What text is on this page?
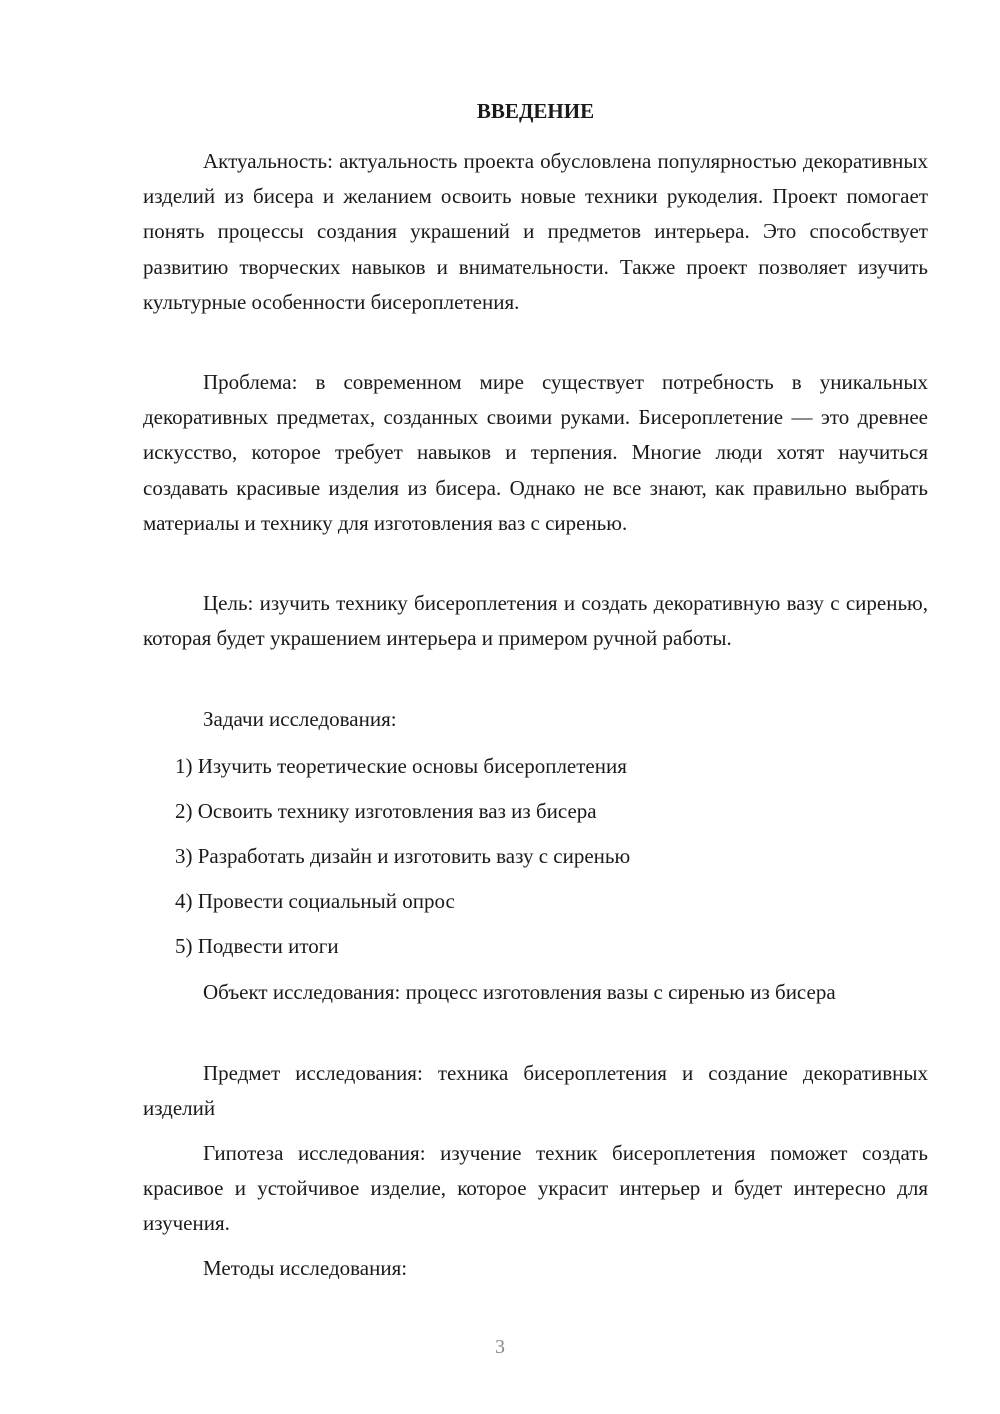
ВВЕДЕНИЕ

Актуальность: актуальность проекта обусловлена популярностью декоративных изделий из бисера и желанием освоить новые техники рукоделия. Проект помогает понять процессы создания украшений и предметов интерьера. Это способствует развитию творческих навыков и внимательности. Также проект позволяет изучить культурные особенности бисероплетения.

Проблема: в современном мире существует потребность в уникальных декоративных предметах, созданных своими руками. Бисероплетение — это древнее искусство, которое требует навыков и терпения. Многие люди хотят научиться создавать красивые изделия из бисера. Однако не все знают, как правильно выбрать материалы и технику для изготовления ваз с сиренью.

Цель: изучить технику бисероплетения и создать декоративную вазу с сиренью, которая будет украшением интерьера и примером ручной работы.

Задачи исследования:

1) Изучить теоретические основы бисероплетения

2) Освоить технику изготовления ваз из бисера

3) Разработать дизайн и изготовить вазу с сиренью

4) Провести социальный опрос

5) Подвести итоги

Объект исследования: процесс изготовления вазы с сиренью из бисера

Предмет исследования: техника бисероплетения и создание декоративных изделий

Гипотеза исследования: изучение техник бисероплетения поможет создать красивое и устойчивое изделие, которое украсит интерьер и будет интересно для изучения.

Методы исследования:

3
